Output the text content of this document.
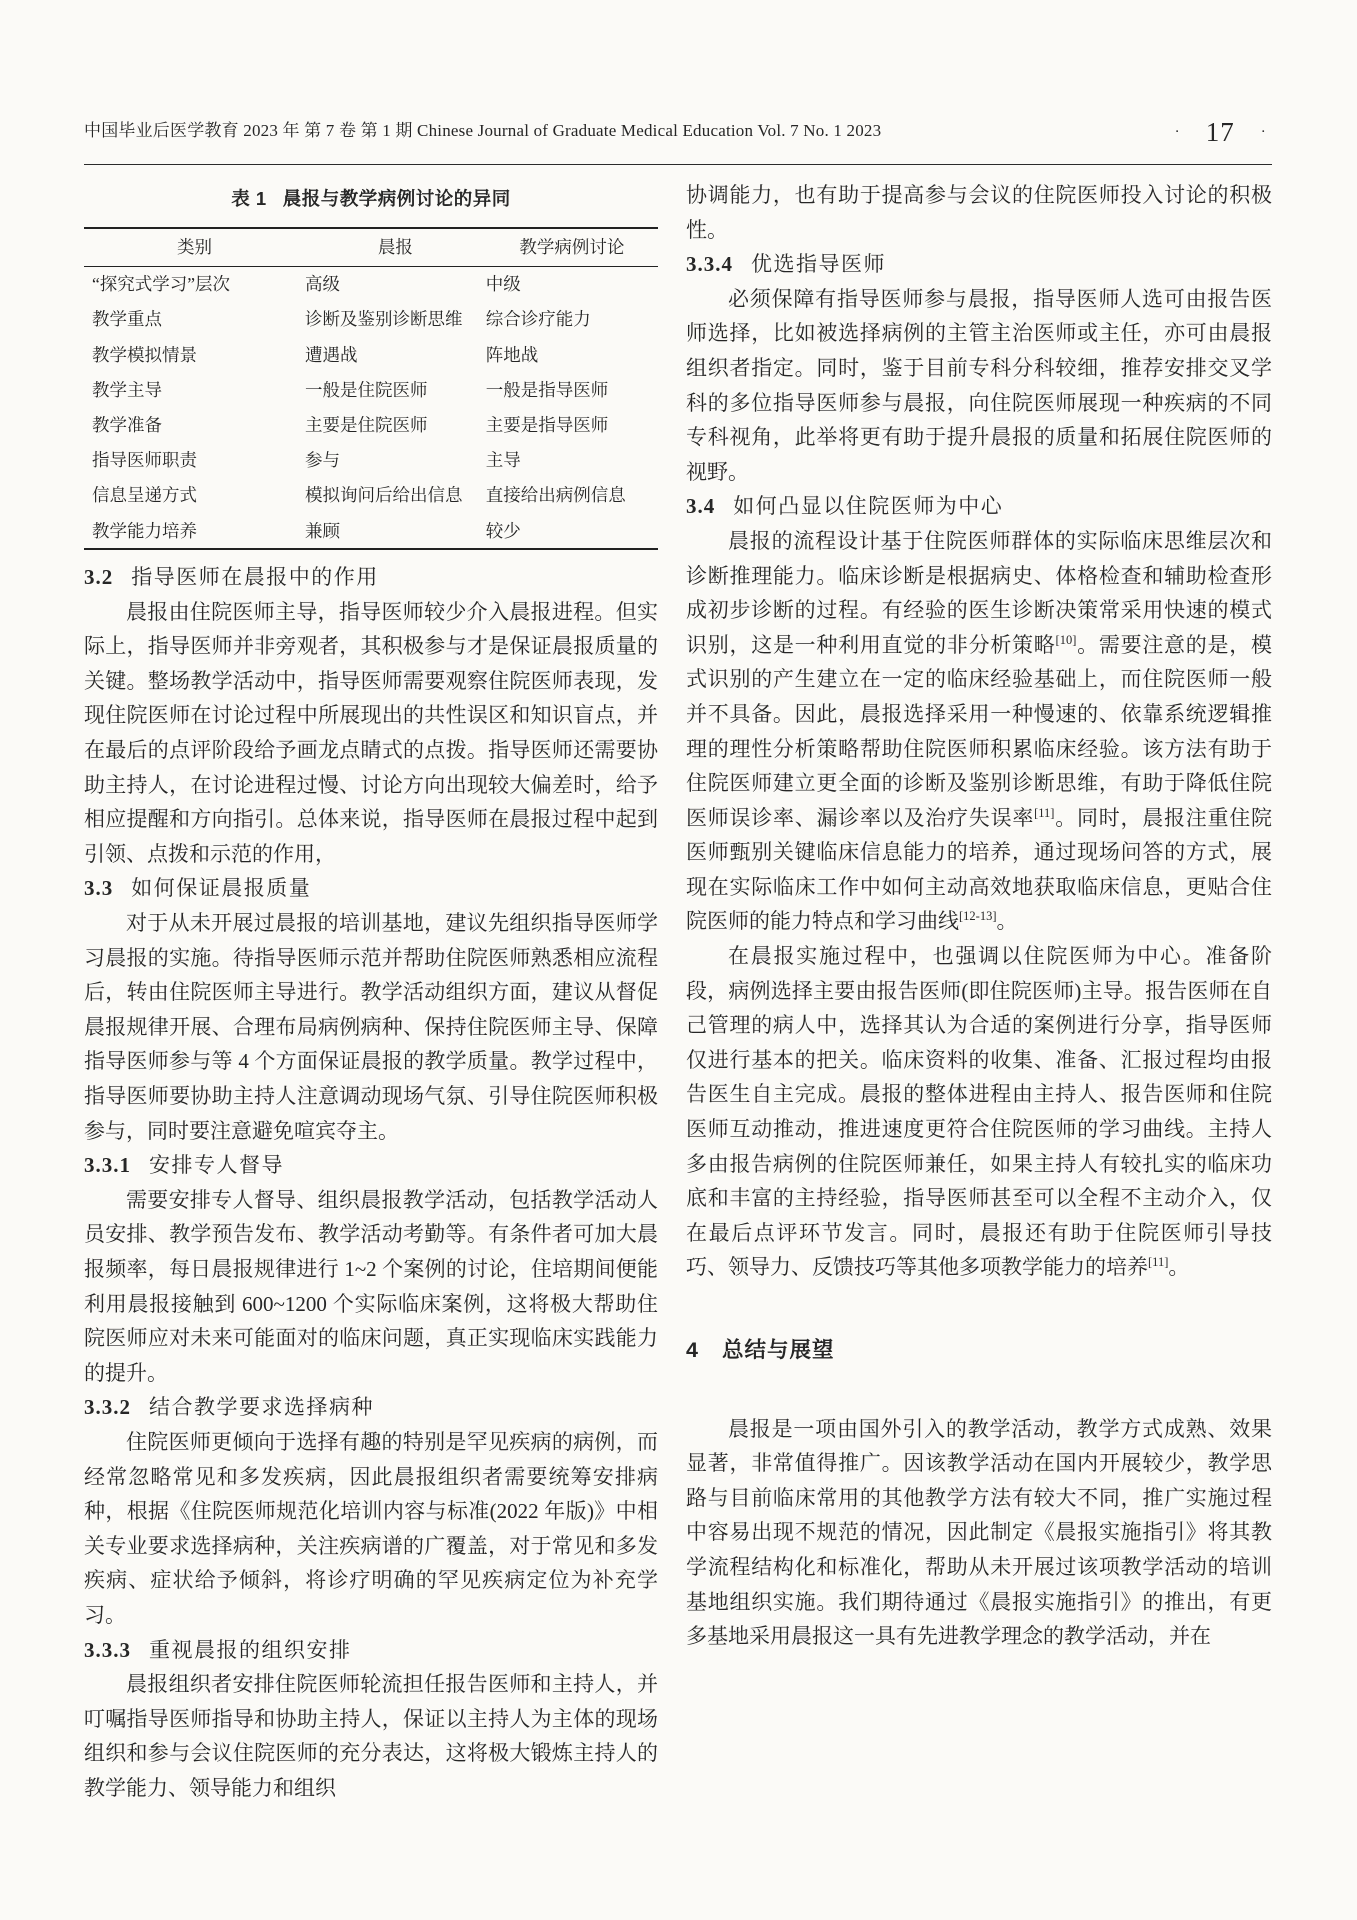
中国毕业后医学教育 2023 年 第 7 卷 第 1 期 Chinese Journal of Graduate Medical Education Vol. 7 No. 1 2023	· 17 ·
表 1 晨报与教学病例讨论的异同
类别	晨报	教学病例讨论
“探究式学习”层次	高级	中级
教学重点	诊断及鉴别诊断思维	综合诊疗能力
教学模拟情景	遭遇战	阵地战
教学主导	一般是住院医师	一般是指导医师
教学准备	主要是住院医师	主要是指导医师
指导医师职责	参与	主导
信息呈递方式	模拟询问后给出信息	直接给出病例信息
教学能力培养	兼顾	较少
3.2 指导医师在晨报中的作用

晨报由住院医师主导，指导医师较少介入晨报进程。但实际上，指导医师并非旁观者，其积极参与才是保证晨报质量的关键。整场教学活动中，指导医师需要观察住院医师表现，发现住院医师在讨论过程中所展现出的共性误区和知识盲点，并在最后的点评阶段给予画龙点睛式的点拨。指导医师还需要协助主持人，在讨论进程过慢、讨论方向出现较大偏差时，给予相应提醒和方向指引。总体来说，指导医师在晨报过程中起到引领、点拨和示范的作用，

3.3 如何保证晨报质量

对于从未开展过晨报的培训基地，建议先组织指导医师学习晨报的实施。待指导医师示范并帮助住院医师熟悉相应流程后，转由住院医师主导进行。教学活动组织方面，建议从督促晨报规律开展、合理布局病例病种、保持住院医师主导、保障指导医师参与等 4 个方面保证晨报的教学质量。教学过程中，指导医师要协助主持人注意调动现场气氛、引导住院医师积极参与，同时要注意避免喧宾夺主。

3.3.1 安排专人督导

需要安排专人督导、组织晨报教学活动，包括教学活动人员安排、教学预告发布、教学活动考勤等。有条件者可加大晨报频率，每日晨报规律进行 1~2 个案例的讨论，住培期间便能利用晨报接触到 600~1200 个实际临床案例，这将极大帮助住院医师应对未来可能面对的临床问题，真正实现临床实践能力的提升。

3.3.2 结合教学要求选择病种

住院医师更倾向于选择有趣的特别是罕见疾病的病例，而经常忽略常见和多发疾病，因此晨报组织者需要统筹安排病种，根据《住院医师规范化培训内容与标准(2022 年版)》中相关专业要求选择病种，关注疾病谱的广覆盖，对于常见和多发疾病、症状给予倾斜，将诊疗明确的罕见疾病定位为补充学习。

3.3.3 重视晨报的组织安排

晨报组织者安排住院医师轮流担任报告医师和主持人，并叮嘱指导医师指导和协助主持人，保证以主持人为主体的现场组织和参与会议住院医师的充分表达，这将极大锻炼主持人的教学能力、领导能力和组织

协调能力，也有助于提高参与会议的住院医师投入讨论的积极性。

3.3.4 优选指导医师

必须保障有指导医师参与晨报，指导医师人选可由报告医师选择，比如被选择病例的主管主治医师或主任，亦可由晨报组织者指定。同时，鉴于目前专科分科较细，推荐安排交叉学科的多位指导医师参与晨报，向住院医师展现一种疾病的不同专科视角，此举将更有助于提升晨报的质量和拓展住院医师的视野。

3.4 如何凸显以住院医师为中心

晨报的流程设计基于住院医师群体的实际临床思维层次和诊断推理能力。临床诊断是根据病史、体格检查和辅助检查形成初步诊断的过程。有经验的医生诊断决策常采用快速的模式识别，这是一种利用直觉的非分析策略[10]。需要注意的是，模式识别的产生建立在一定的临床经验基础上，而住院医师一般并不具备。因此，晨报选择采用一种慢速的、依靠系统逻辑推理的理性分析策略帮助住院医师积累临床经验。该方法有助于住院医师建立更全面的诊断及鉴别诊断思维，有助于降低住院医师误诊率、漏诊率以及治疗失误率[11]。同时，晨报注重住院医师甄别关键临床信息能力的培养，通过现场问答的方式，展现在实际临床工作中如何主动高效地获取临床信息，更贴合住院医师的能力特点和学习曲线[12-13]。

在晨报实施过程中，也强调以住院医师为中心。准备阶段，病例选择主要由报告医师(即住院医师)主导。报告医师在自己管理的病人中，选择其认为合适的案例进行分享，指导医师仅进行基本的把关。临床资料的收集、准备、汇报过程均由报告医生自主完成。晨报的整体进程由主持人、报告医师和住院医师互动推动，推进速度更符合住院医师的学习曲线。主持人多由报告病例的住院医师兼任，如果主持人有较扎实的临床功底和丰富的主持经验，指导医师甚至可以全程不主动介入，仅在最后点评环节发言。同时，晨报还有助于住院医师引导技巧、领导力、反馈技巧等其他多项教学能力的培养[11]。

4 总结与展望

晨报是一项由国外引入的教学活动，教学方式成熟、效果显著，非常值得推广。因该教学活动在国内开展较少，教学思路与目前临床常用的其他教学方法有较大不同，推广实施过程中容易出现不规范的情况，因此制定《晨报实施指引》将其教学流程结构化和标准化，帮助从未开展过该项教学活动的培训基地组织实施。我们期待通过《晨报实施指引》的推出，有更多基地采用晨报这一具有先进教学理念的教学活动，并在
